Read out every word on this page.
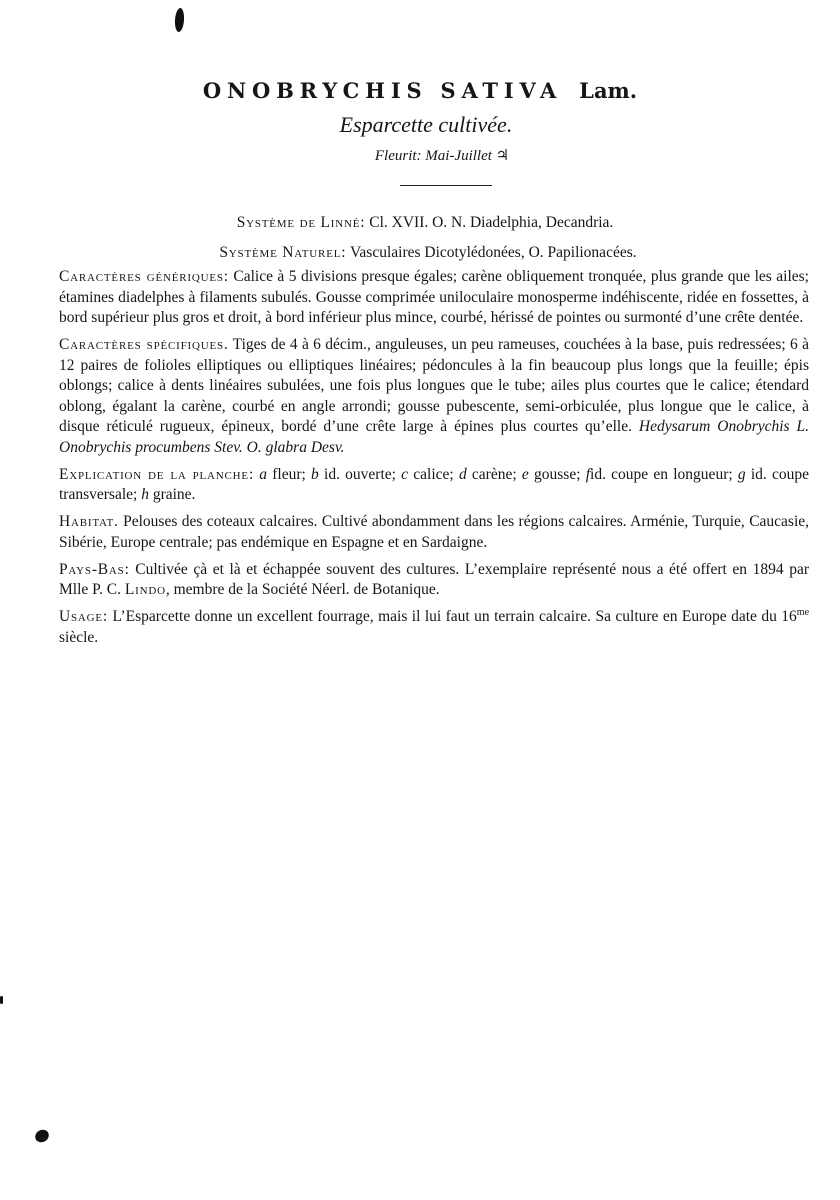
ONOBRYCHIS SATIVA Lam.
Esparcette cultivée.
Fleurit: Mai-Juillet ♃
Système de Linné: Cl. XVII. O. N. Diadelphia, Decandria.
Système Naturel: Vasculaires Dicotylédonées, O. Papilionacées.

Caractères génériques: Calice à 5 divisions presque égales; carène obliquement tronquée, plus grande que les ailes; étamines diadelphes à filaments subulés. Gousse comprimée uniloculaire monosperme indéhiscente, ridée en fossettes, à bord supérieur plus gros et droit, à bord inférieur plus mince, courbé, hérissé de pointes ou surmonté d’une crête dentée.

Caractères spécifiques. Tiges de 4 à 6 décim., anguleuses, un peu rameuses, couchées à la base, puis redressées; 6 à 12 paires de folioles elliptiques ou elliptiques linéaires; pédoncules à la fin beaucoup plus longs que la feuille; épis oblongs; calice à dents linéaires subulées, une fois plus longues que le tube; ailes plus courtes que le calice; étendard oblong, égalant la carène, courbé en angle arrondi; gousse pubescente, semi-orbiculée, plus longue que le calice, à disque réticulé rugueux, épineux, bordé d’une crête large à épines plus courtes qu’elle. Hedysarum Onobrychis L. Onobrychis procumbens Stev. O. glabra Desv.

Explication de la planche: a fleur; b id. ouverte; c calice; d carène; e gousse; fid. coupe en longueur; g id. coupe transversale; h graine.

Habitat. Pelouses des coteaux calcaires. Cultivé abondamment dans les régions calcaires. Arménie, Turquie, Caucasie, Sibérie, Europe centrale; pas endémique en Espagne et en Sardaigne.

Pays-Bas: Cultivée çà et là et échappée souvent des cultures. L’exemplaire représenté nous a été offert en 1894 par Mlle P. C. Lindo, membre de la Société Néerl. de Botanique.

Usage: L’Esparcette donne un excellent fourrage, mais il lui faut un terrain calcaire. Sa culture en Europe date du $16^{me}$ siècle.
